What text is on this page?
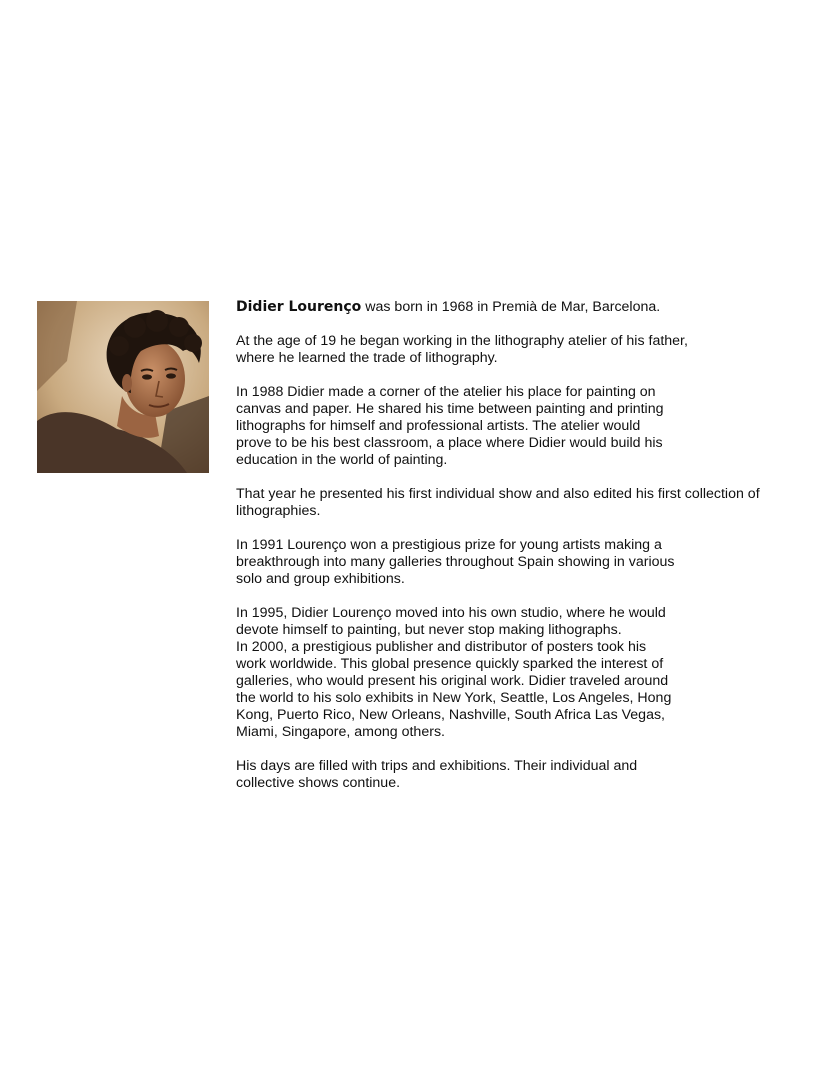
Didier Lourenço was born in 1968 in Premià de Mar, Barcelona.

At the age of 19 he began working in the lithography atelier of his father,
where he learned the trade of lithography.

In 1988 Didier made a corner of the atelier his place for painting on
canvas and paper. He shared his time between painting and printing
lithographs for himself and professional artists. The atelier would
prove to be his best classroom, a place where Didier would build his
education in the world of painting.

That year he presented his first individual show and also edited his first collection of
lithographies.

In 1991 Lourenço won a prestigious prize for young artists making a
breakthrough into many galleries throughout Spain showing in various
solo and group exhibitions.

In 1995, Didier Lourenço moved into his own studio, where he would
devote himself to painting, but never stop making lithographs.
In 2000, a prestigious publisher and distributor of posters took his
work worldwide. This global presence quickly sparked the interest of
galleries, who would present his original work. Didier traveled around
the world to his solo exhibits in New York, Seattle, Los Angeles, Hong
Kong, Puerto Rico, New Orleans, Nashville, South Africa Las Vegas,
Miami, Singapore, among others.

His days are filled with trips and exhibitions. Their individual and
collective shows continue.
